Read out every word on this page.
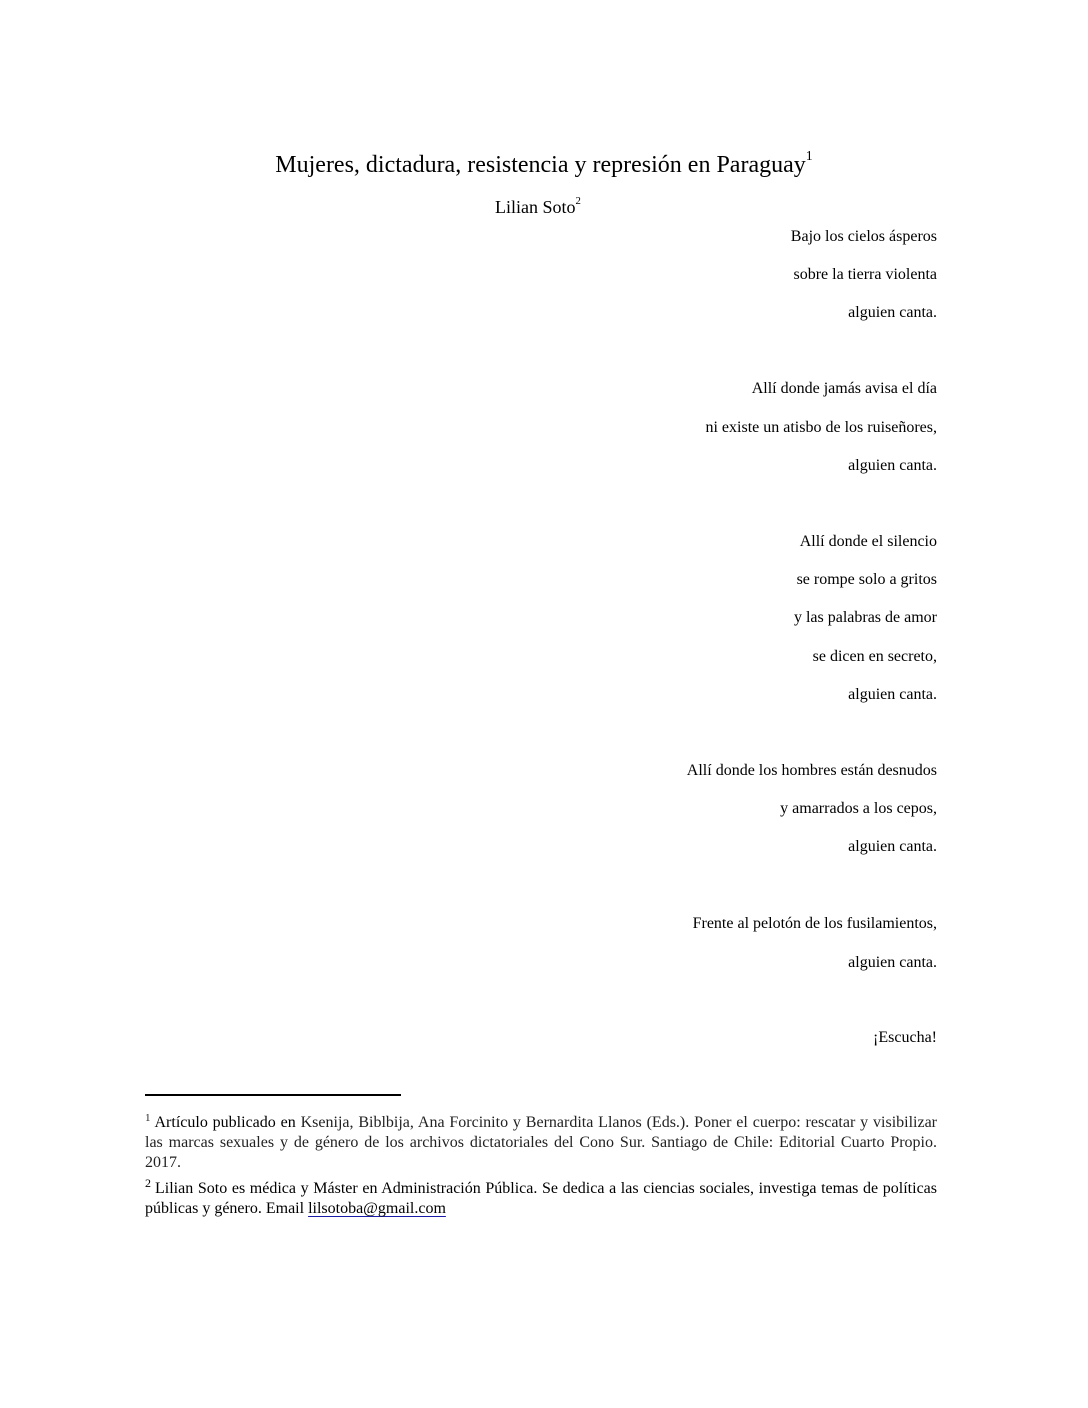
Mujeres, dictadura, resistencia y represión en Paraguay$^1$
Lilian Soto$^2$
Bajo los cielos ásperos
sobre la tierra violenta
alguien canta.
Allí donde jamás avisa el día
ni existe un atisbo de los ruiseñores,
alguien canta.
Allí donde el silencio
se rompe solo a gritos
y las palabras de amor
se dicen en secreto,
alguien canta.
Allí donde los hombres están desnudos
y amarrados a los cepos,
alguien canta.
Frente al pelotón de los fusilamientos,
alguien canta.
¡Escucha!
$^1$ Artículo publicado en Ksenija, Biblbija, Ana Forcinito y Bernardita Llanos (Eds.). Poner el cuerpo: rescatar y visibilizar las marcas sexuales y de género de los archivos dictatoriales del Cono Sur. Santiago de Chile: Editorial Cuarto Propio. 2017.
$^2$ Lilian Soto es médica y Máster en Administración Pública. Se dedica a las ciencias sociales, investiga temas de políticas públicas y género. Email lilsotoba@gmail.com
